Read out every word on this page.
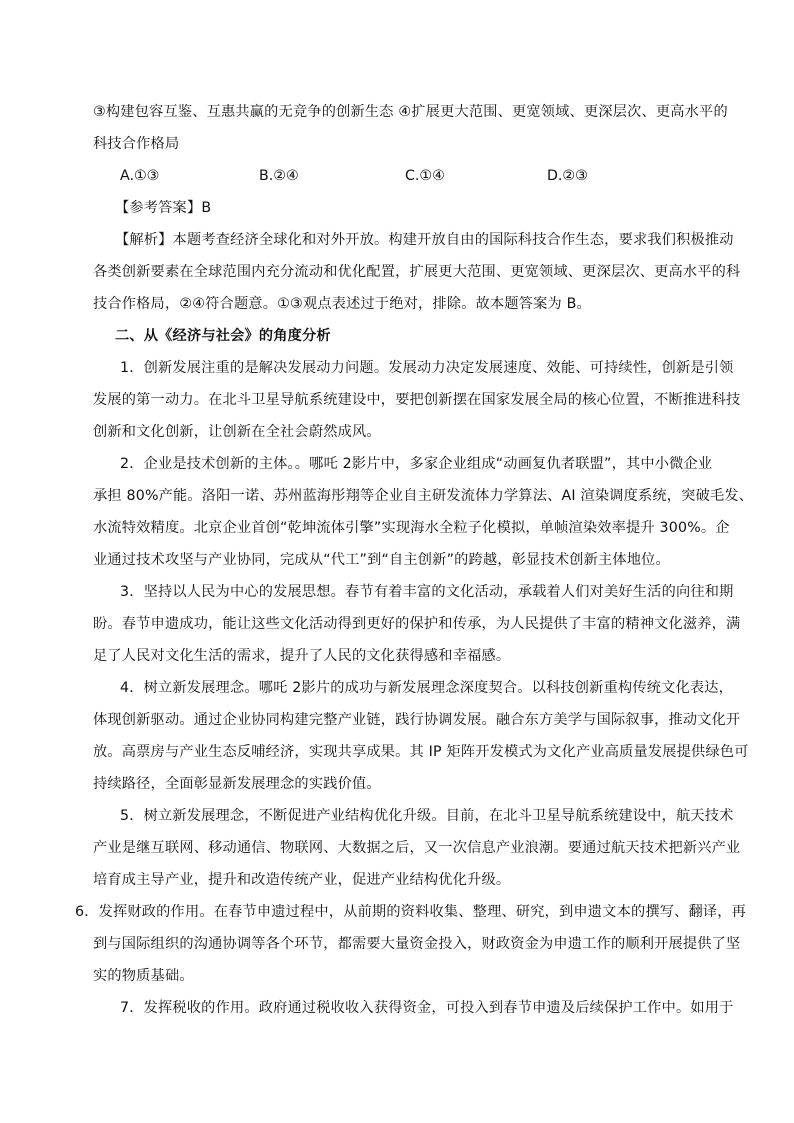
③构建包容互鉴、互惠共赢的无竞争的创新生态 ④扩展更大范围、更宽领域、更深层次、更高水平的
科技合作格局
A.①③	B.②④	C.①④	D.②③
【参考答案】B
【解析】本题考查经济全球化和对外开放。构建开放自由的国际科技合作生态，要求我们积极推动
各类创新要素在全球范围内充分流动和优化配置，扩展更大范围、更宽领域、更深层次、更高水平的科
技合作格局，②④符合题意。①③观点表述过于绝对，排除。故本题答案为 B。
二、从《经济与社会》的角度分析
1．创新发展注重的是解决发展动力问题。发展动力决定发展速度、效能、可持续性，创新是引领
发展的第一动力。在北斗卫星导航系统建设中，要把创新摆在国家发展全局的核心位置，不断推进科技
创新和文化创新，让创新在全社会蔚然成风。
2．企业是技术创新的主体。。哪吒 2影片中，多家企业组成“动画复仇者联盟”，其中小微企业
承担 80%产能。洛阳一诺、苏州蓝海彤翔等企业自主研发流体力学算法、AI 渲染调度系统，突破毛发、
水流特效精度。北京企业首创“乾坤流体引擎”实现海水全粒子化模拟，单帧渲染效率提升 300%。企
业通过技术攻坚与产业协同，完成从“代工”到“自主创新”的跨越，彰显技术创新主体地位。
3．坚持以人民为中心的发展思想。春节有着丰富的文化活动，承载着人们对美好生活的向往和期
盼。春节申遗成功，能让这些文化活动得到更好的保护和传承，为人民提供了丰富的精神文化滋养，满
足了人民对文化生活的需求，提升了人民的文化获得感和幸福感。
4．树立新发展理念。哪吒 2影片的成功与新发展理念深度契合。以科技创新重构传统文化表达，
体现创新驱动。通过企业协同构建完整产业链，践行协调发展。融合东方美学与国际叙事，推动文化开
放。高票房与产业生态反哺经济，实现共享成果。其 IP 矩阵开发模式为文化产业高质量发展提供绿色可
持续路径，全面彰显新发展理念的实践价值。
5．树立新发展理念，不断促进产业结构优化升级。目前，在北斗卫星导航系统建设中，航天技术
产业是继互联网、移动通信、物联网、大数据之后，又一次信息产业浪潮。要通过航天技术把新兴产业
培育成主导产业，提升和改造传统产业，促进产业结构优化升级。
6．发挥财政的作用。在春节申遗过程中，从前期的资料收集、整理、研究，到申遗文本的撰写、翻译，再
到与国际组织的沟通协调等各个环节，都需要大量资金投入，财政资金为申遗工作的顺利开展提供了坚
实的物质基础。
7．发挥税收的作用。政府通过税收收入获得资金，可投入到春节申遗及后续保护工作中。如用于
